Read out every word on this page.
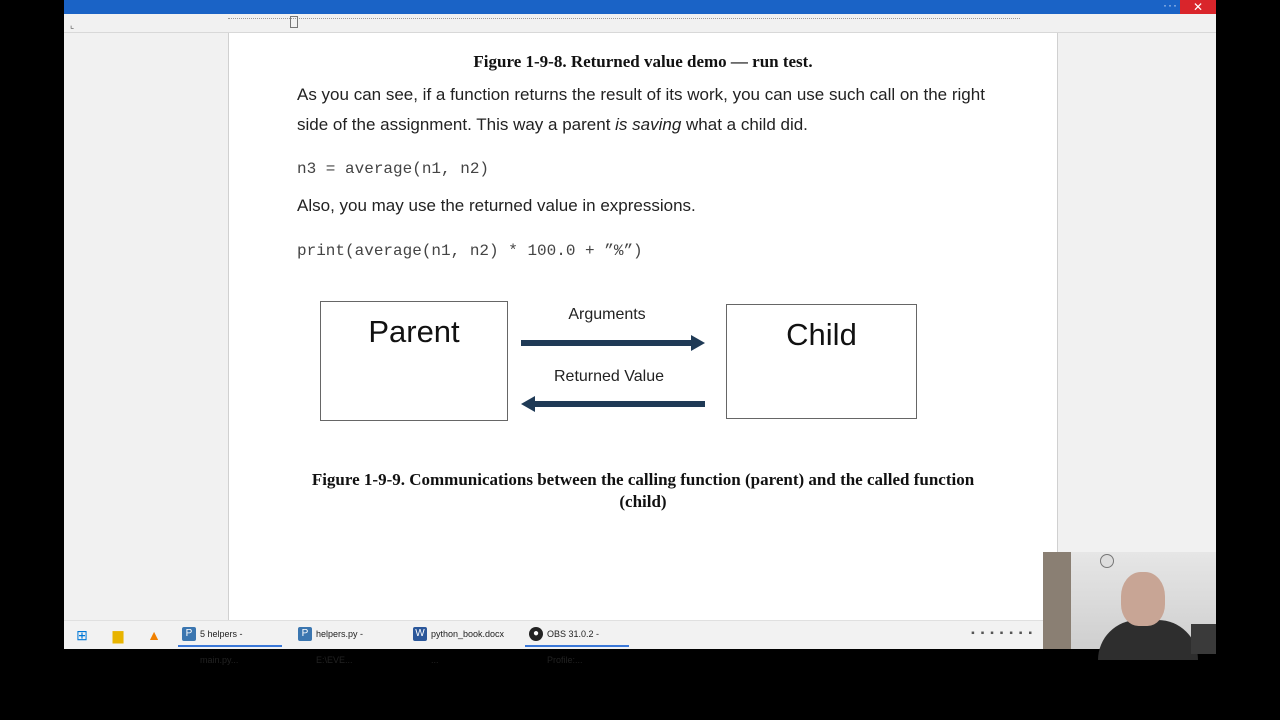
···	✕
⌞
Figure 1-9-8. Returned value demo — run test.
As you can see, if a function returns the result of its work, you can use such call on the right side of the assignment. This way a parent is saving what a child did.
n3 = average(n1, n2)
Also, you may use the returned value in expressions.
print(average(n1, n2) * 100.0 + ”%”)
Parent	Arguments
Returned Value
Child
Figure 1-9-9. Communications between the calling function (parent) and the called function (child)
⊞ ▆ ▲	P 5 helpers - main.py...
P helpers.py - E:\EVE...
W python_book.docx ...
● OBS 31.0.2 - Profile:...
▪▪▪▪▪▪▪
